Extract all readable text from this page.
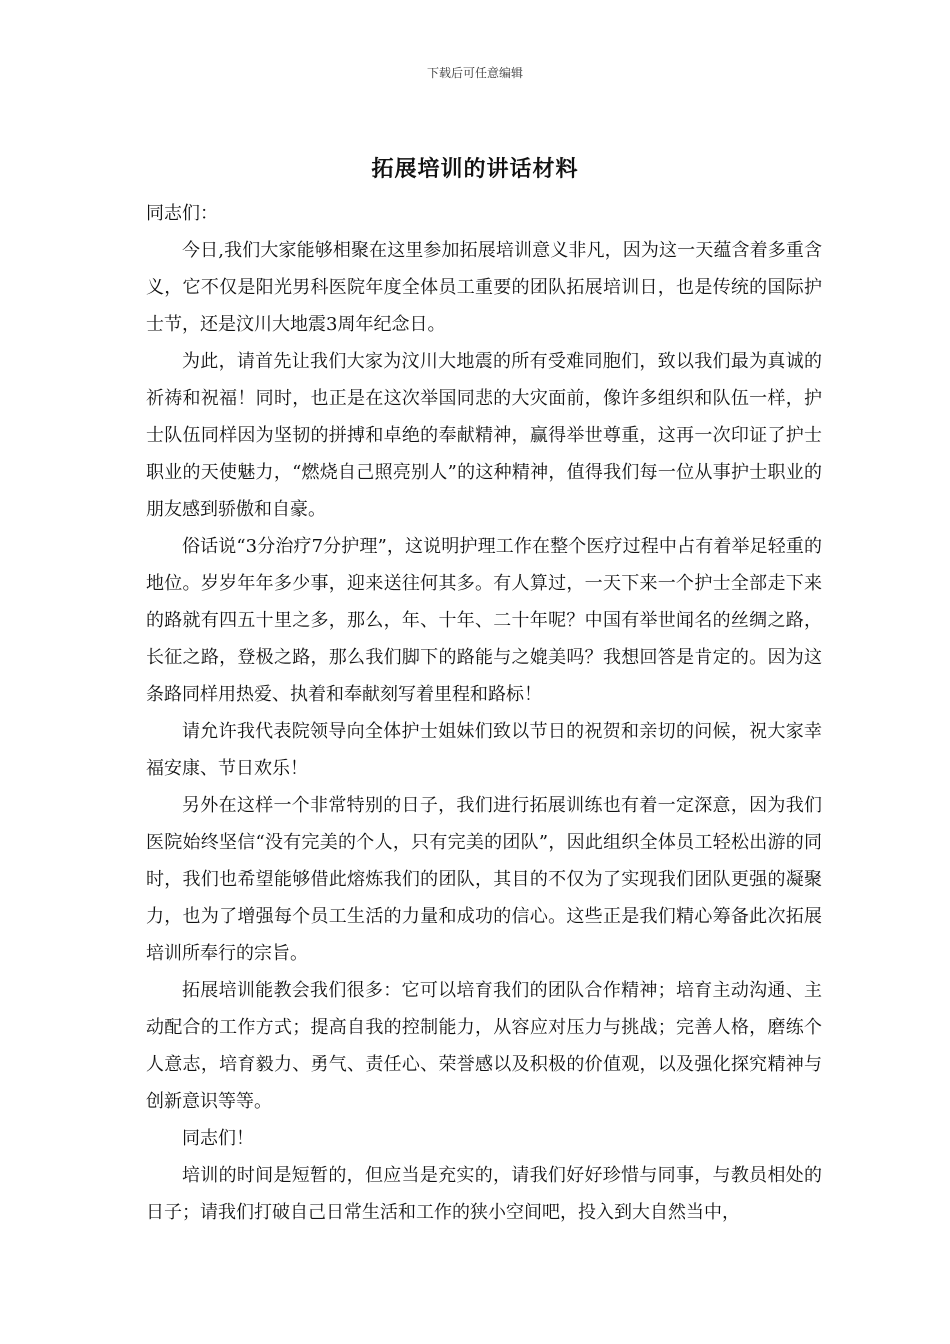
下载后可任意编辑
拓展培训的讲话材料

同志们：

今日,我们大家能够相聚在这里参加拓展培训意义非凡，因为这一天蕴含着多重含义，它不仅是阳光男科医院年度全体员工重要的团队拓展培训日，也是传统的国际护士节，还是汶川大地震3周年纪念日。

为此，请首先让我们大家为汶川大地震的所有受难同胞们，致以我们最为真诚的祈祷和祝福！同时，也正是在这次举国同悲的大灾面前，像许多组织和队伍一样，护士队伍同样因为坚韧的拼搏和卓绝的奉献精神，赢得举世尊重，这再一次印证了护士职业的天使魅力，“燃烧自己照亮别人”的这种精神，值得我们每一位从事护士职业的朋友感到骄傲和自豪。

俗话说“3分治疗7分护理”，这说明护理工作在整个医疗过程中占有着举足轻重的地位。岁岁年年多少事，迎来送往何其多。有人算过，一天下来一个护士全部走下来的路就有四五十里之多，那么，年、十年、二十年呢？中国有举世闻名的丝绸之路，长征之路，登极之路，那么我们脚下的路能与之媲美吗？我想回答是肯定的。因为这条路同样用热爱、执着和奉献刻写着里程和路标！

请允许我代表院领导向全体护士姐妹们致以节日的祝贺和亲切的问候，祝大家幸福安康、节日欢乐！

另外在这样一个非常特别的日子，我们进行拓展训练也有着一定深意，因为我们医院始终坚信“没有完美的个人，只有完美的团队”，因此组织全体员工轻松出游的同时，我们也希望能够借此熔炼我们的团队，其目的不仅为了实现我们团队更强的凝聚力，也为了增强每个员工生活的力量和成功的信心。这些正是我们精心筹备此次拓展培训所奉行的宗旨。

拓展培训能教会我们很多：它可以培育我们的团队合作精神；培育主动沟通、主动配合的工作方式；提高自我的控制能力，从容应对压力与挑战；完善人格，磨练个人意志，培育毅力、勇气、责任心、荣誉感以及积极的价值观，以及强化探究精神与创新意识等等。

同志们！

培训的时间是短暂的，但应当是充实的，请我们好好珍惜与同事，与教员相处的日子；请我们打破自己日常生活和工作的狭小空间吧，投入到大自然当中，
